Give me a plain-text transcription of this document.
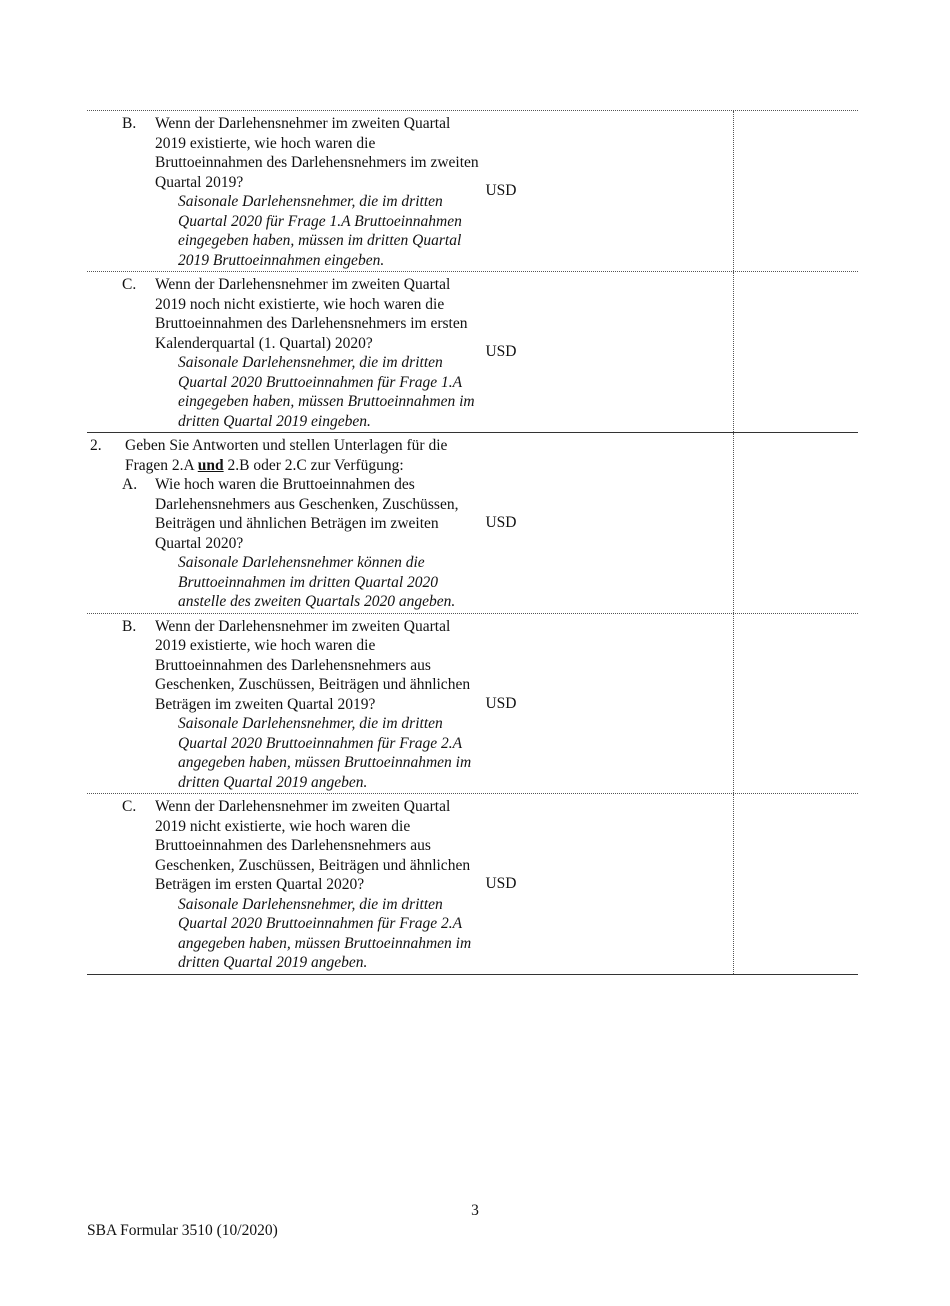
B.	Wenn der Darlehensnehmer im zweiten Quartal 2019 existierte, wie hoch waren die Bruttoeinnahmen des Darlehensnehmers im zweiten Quartal 2019?
Saisonale Darlehensnehmer, die im dritten Quartal 2020 für Frage 1.A Bruttoeinnahmen eingegeben haben, müssen im dritten Quartal 2019 Bruttoeinnahmen eingeben.
USD
C.	Wenn der Darlehensnehmer im zweiten Quartal 2019 noch nicht existierte, wie hoch waren die Bruttoeinnahmen des Darlehensnehmers im ersten Kalenderquartal (1. Quartal) 2020?
Saisonale Darlehensnehmer, die im dritten Quartal 2020 Bruttoeinnahmen für Frage 1.A eingegeben haben, müssen Bruttoeinnahmen im dritten Quartal 2019 eingeben.
USD
2.	Geben Sie Antworten und stellen Unterlagen für die Fragen 2.A und 2.B oder 2.C zur Verfügung:
A.	Wie hoch waren die Bruttoeinnahmen des Darlehensnehmers aus Geschenken, Zuschüssen, Beiträgen und ähnlichen Beträgen im zweiten Quartal 2020?
Saisonale Darlehensnehmer können die Bruttoeinnahmen im dritten Quartal 2020 anstelle des zweiten Quartals 2020 angeben.
USD
B.	Wenn der Darlehensnehmer im zweiten Quartal 2019 existierte, wie hoch waren die Bruttoeinnahmen des Darlehensnehmers aus Geschenken, Zuschüssen, Beiträgen und ähnlichen Beträgen im zweiten Quartal 2019?
Saisonale Darlehensnehmer, die im dritten Quartal 2020 Bruttoeinnahmen für Frage 2.A angegeben haben, müssen Bruttoeinnahmen im dritten Quartal 2019 angeben.
USD
C.	Wenn der Darlehensnehmer im zweiten Quartal 2019 nicht existierte, wie hoch waren die Bruttoeinnahmen des Darlehensnehmers aus Geschenken, Zuschüssen, Beiträgen und ähnlichen Beträgen im ersten Quartal 2020?
Saisonale Darlehensnehmer, die im dritten Quartal 2020 Bruttoeinnahmen für Frage 2.A angegeben haben, müssen Bruttoeinnahmen im dritten Quartal 2019 angeben.
USD
3
SBA Formular 3510 (10/2020)
